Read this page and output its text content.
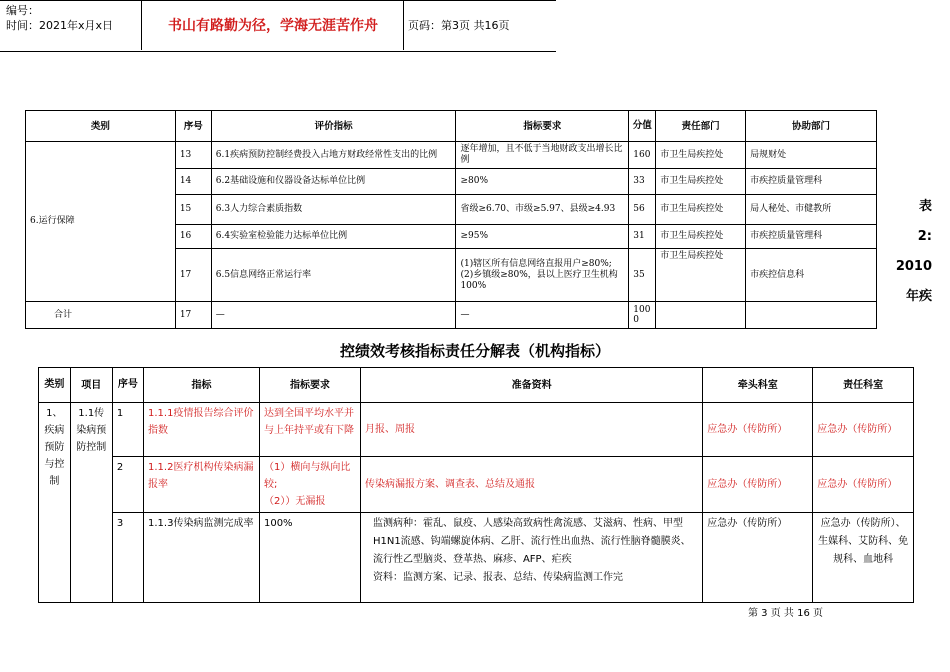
编号：
时间：2021年x月x日	书山有路勤为径，学海无涯苦作舟	页码：第3页 共16页
类别	序号	评价指标	指标要求	分值	责任部门	协助部门
6.运行保障	13	6.1疾病预防控制经费投入占地方财政经常性支出的比例	逐年增加，且不低于当地财政支出增长比例	160	市卫生局疾控处	局规财处
	14	6.2基础设施和仪器设备达标单位比例	≥80%	33	市卫生局疾控处	市疾控质量管理科
	15	6.3人力综合素质指数	省级≥6.70、市级≥5.97、县级≥4.93	56	市卫生局疾控处	局人秘处、市健教所
	16	6.4实验室检验能力达标单位比例	≥95%	31	市卫生局疾控处	市疾控质量管理科
	17	6.5信息网络正常运行率	(1)辖区所有信息网络直报用户≥80%;
(2)乡镇级≥80%，县以上医疗卫生机构100%	35	市卫生局疾控处	市疾控信息科
合计	17	—	—	1000		
表
2:
2010
年疾
控绩效考核指标责任分解表（机构指标）
类别	项目	序号	指标	指标要求	准备资料	牵头科室	责任科室
1、疾病预防与控制	1.1传染病预防控制	1	1.1.1疫情报告综合评价指数	达到全国平均水平并与上年持平或有下降	月报、周报	应急办（传防所）	应急办（传防所）
		2	1.1.2医疗机构传染病漏报率	（1）横向与纵向比较;
（2））无漏报	传染病漏报方案、调查表、总结及通报	应急办（传防所）	应急办（传防所）
		3	1.1.3传染病监测完成率	100%	监测病种：霍乱、鼠疫、人感染高致病性禽流感、艾滋病、性病、甲型H1N1流感、钩端螺旋体病、乙肝、流行性出血热、流行性脑脊髓膜炎、流行性乙型脑炎、登革热、麻疹、AFP、疟疾
资料：监测方案、记录、报表、总结、传染病监测工作完	应急办（传防所）	应急办（传防所）、生媒科、艾防科、免规科、血地科
第 3 页 共 16 页
